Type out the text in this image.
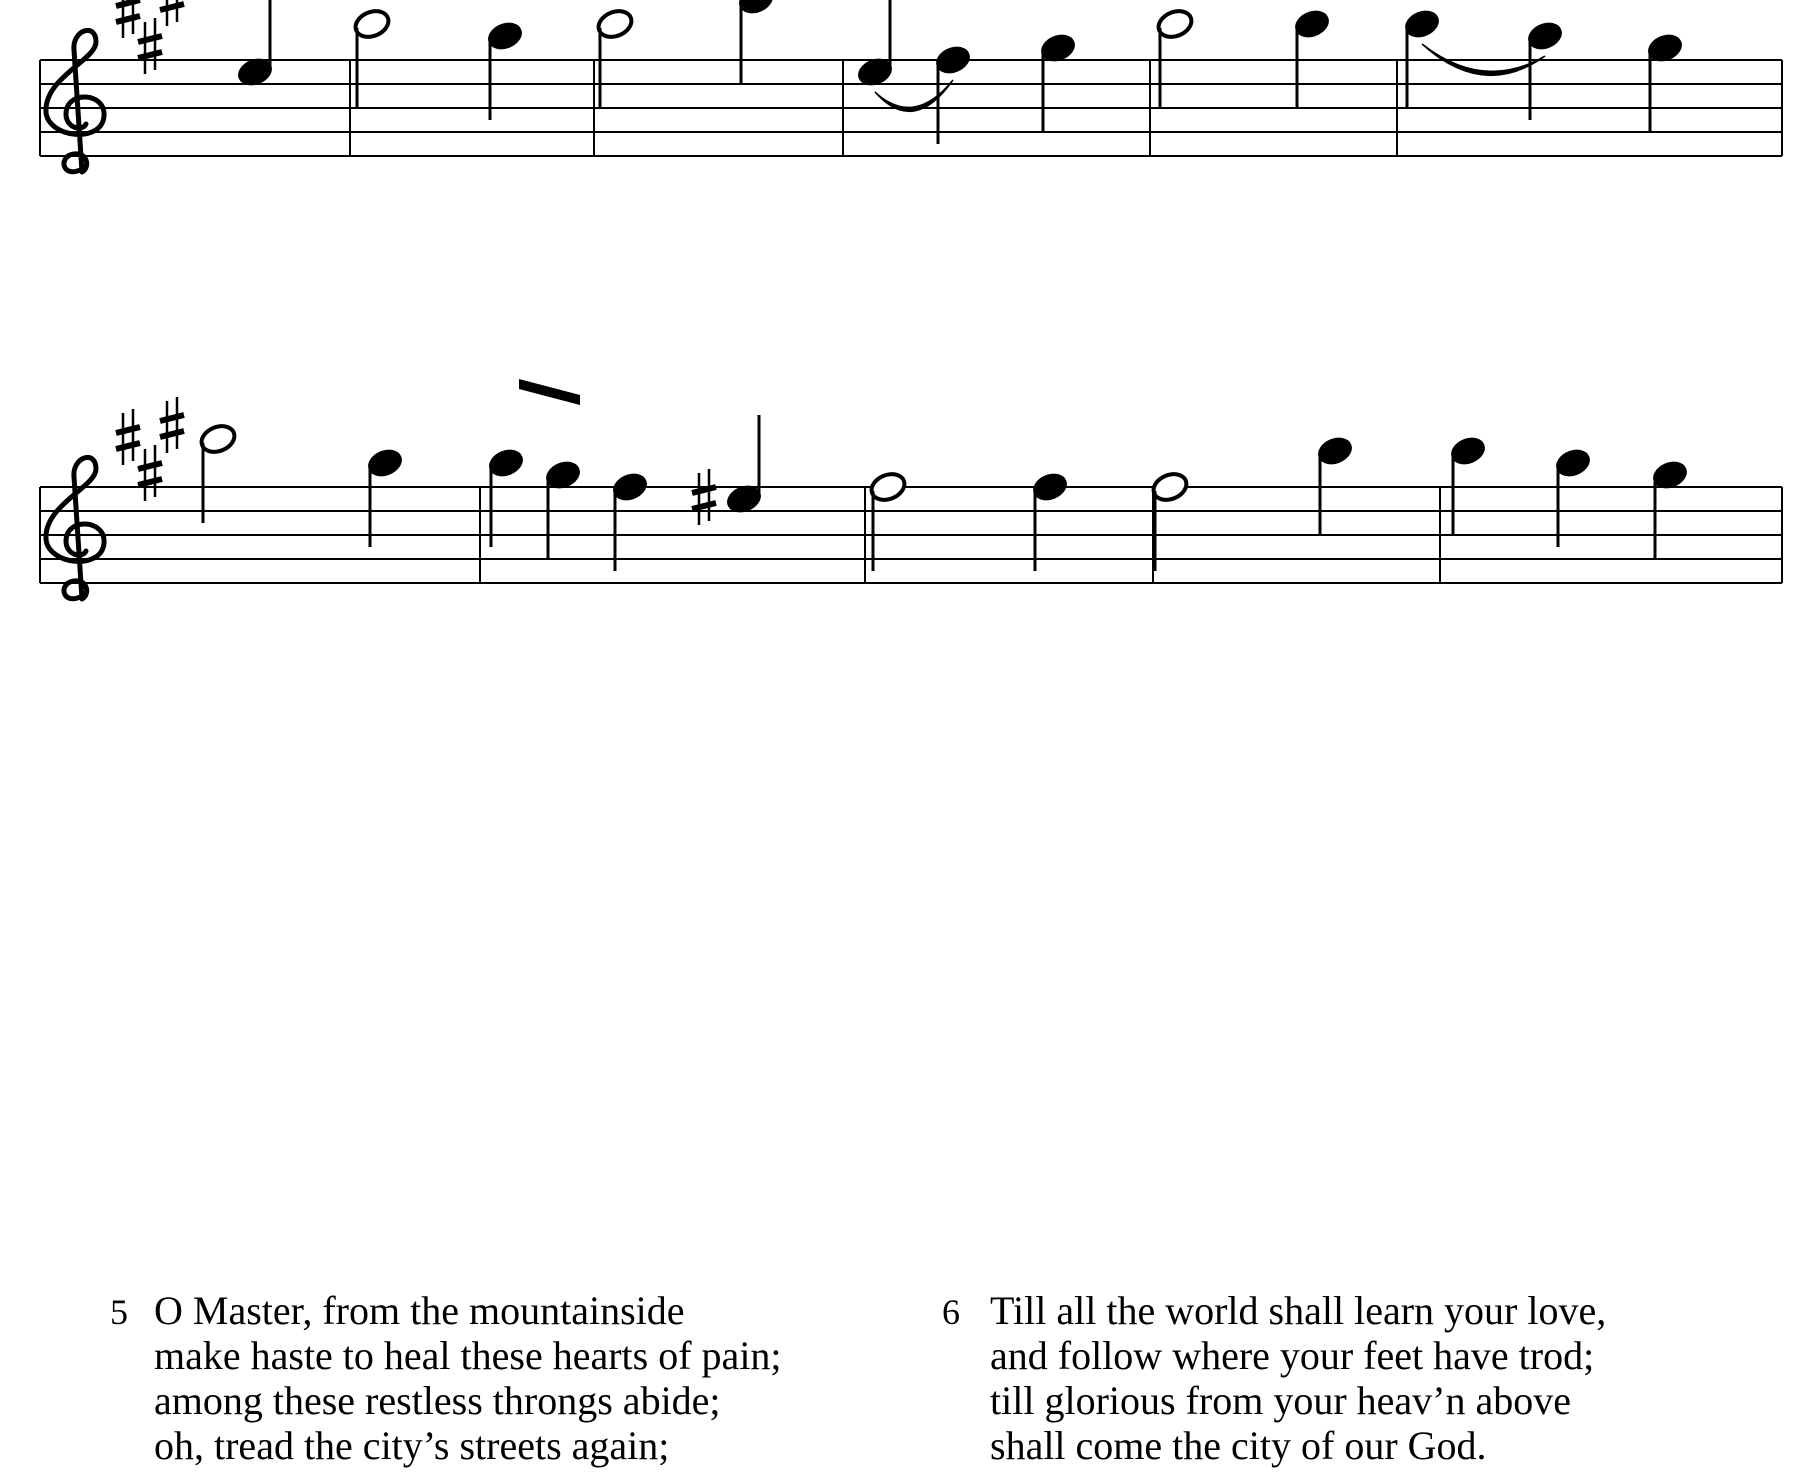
5 O Master, from the mountainside
make haste to heal these hearts of pain;
among these restless throngs abide;
oh, tread the city’s streets again;
6 Till all the world shall learn your love,
and follow where your feet have trod;
till glorious from your heav’n above
shall come the city of our God.
